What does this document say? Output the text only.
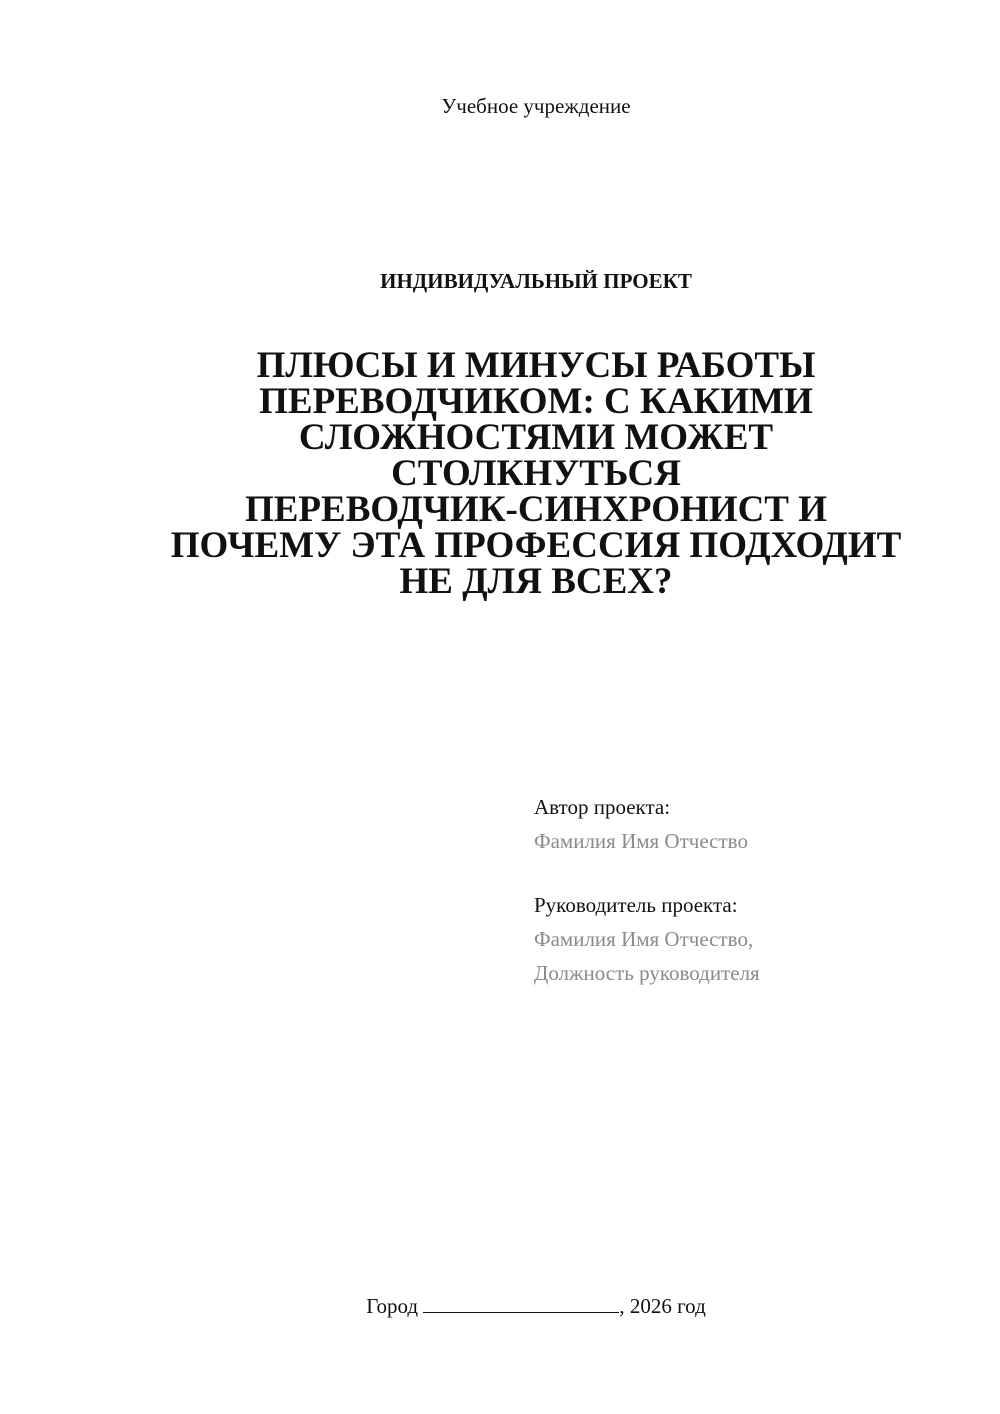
Учебное учреждение
ИНДИВИДУАЛЬНЫЙ ПРОЕКТ
ПЛЮСЫ И МИНУСЫ РАБОТЫ
ПЕРЕВОДЧИКОМ: С КАКИМИ
СЛОЖНОСТЯМИ МОЖЕТ
СТОЛКНУТЬСЯ
ПЕРЕВОДЧИК-СИНХРОНИСТ И
ПОЧЕМУ ЭТА ПРОФЕССИЯ ПОДХОДИТ
НЕ ДЛЯ ВСЕХ?
Автор проекта:
Фамилия Имя Отчество
Руководитель проекта:
Фамилия Имя Отчество,
Должность руководителя
Город	, 2026 год
